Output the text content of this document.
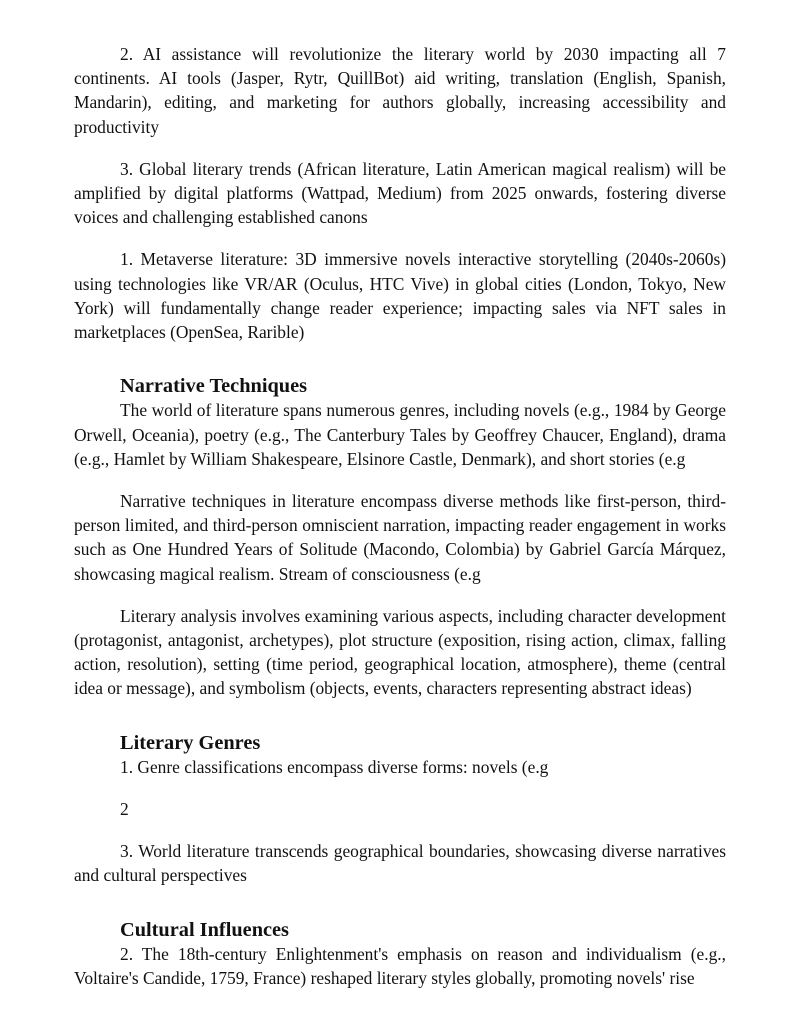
2. AI assistance will revolutionize the literary world by 2030 impacting all 7 continents. AI tools (Jasper, Rytr, QuillBot) aid writing, translation (English, Spanish, Mandarin), editing, and marketing for authors globally, increasing accessibility and productivity

3. Global literary trends (African literature, Latin American magical realism) will be amplified by digital platforms (Wattpad, Medium) from 2025 onwards, fostering diverse voices and challenging established canons

1. Metaverse literature: 3D immersive novels interactive storytelling (2040s-2060s) using technologies like VR/AR (Oculus, HTC Vive) in global cities (London, Tokyo, New York) will fundamentally change reader experience; impacting sales via NFT sales in marketplaces (OpenSea, Rarible)

Narrative Techniques

The world of literature spans numerous genres, including novels (e.g., 1984 by George Orwell, Oceania), poetry (e.g., The Canterbury Tales by Geoffrey Chaucer, England), drama (e.g., Hamlet by William Shakespeare, Elsinore Castle, Denmark), and short stories (e.g

Narrative techniques in literature encompass diverse methods like first-person, third-person limited, and third-person omniscient narration, impacting reader engagement in works such as One Hundred Years of Solitude (Macondo, Colombia) by Gabriel García Márquez, showcasing magical realism. Stream of consciousness (e.g

Literary analysis involves examining various aspects, including character development (protagonist, antagonist, archetypes), plot structure (exposition, rising action, climax, falling action, resolution), setting (time period, geographical location, atmosphere), theme (central idea or message), and symbolism (objects, events, characters representing abstract ideas)

Literary Genres

1. Genre classifications encompass diverse forms: novels (e.g

2

3. World literature transcends geographical boundaries, showcasing diverse narratives and cultural perspectives

Cultural Influences

2. The 18th-century Enlightenment's emphasis on reason and individualism (e.g., Voltaire's Candide, 1759, France) reshaped literary styles globally, promoting novels' rise
